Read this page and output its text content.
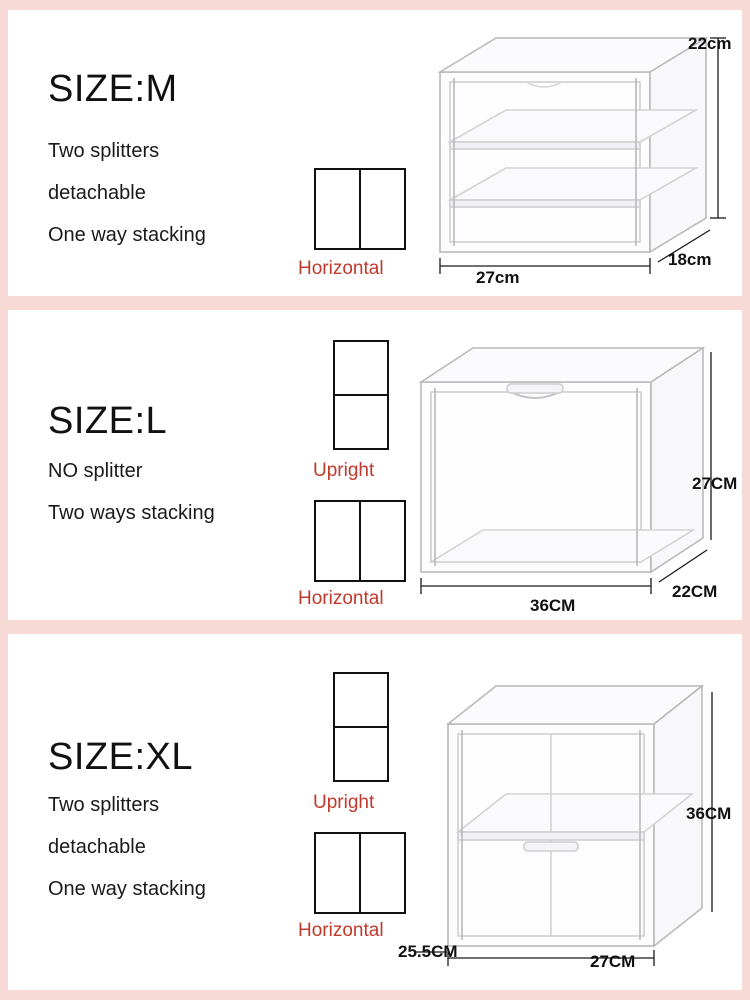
SIZE:M
Two splitters
detachable
One way stacking
Horizontal	27cm
18cm
22cm
SIZE:L
NO splitter
Two ways stacking
Upright
Horizontal	36CM
22CM
27CM
SIZE:XL
Two splitters
detachable
One way stacking
Upright
Horizontal
27CM
25.5CM
36CM
